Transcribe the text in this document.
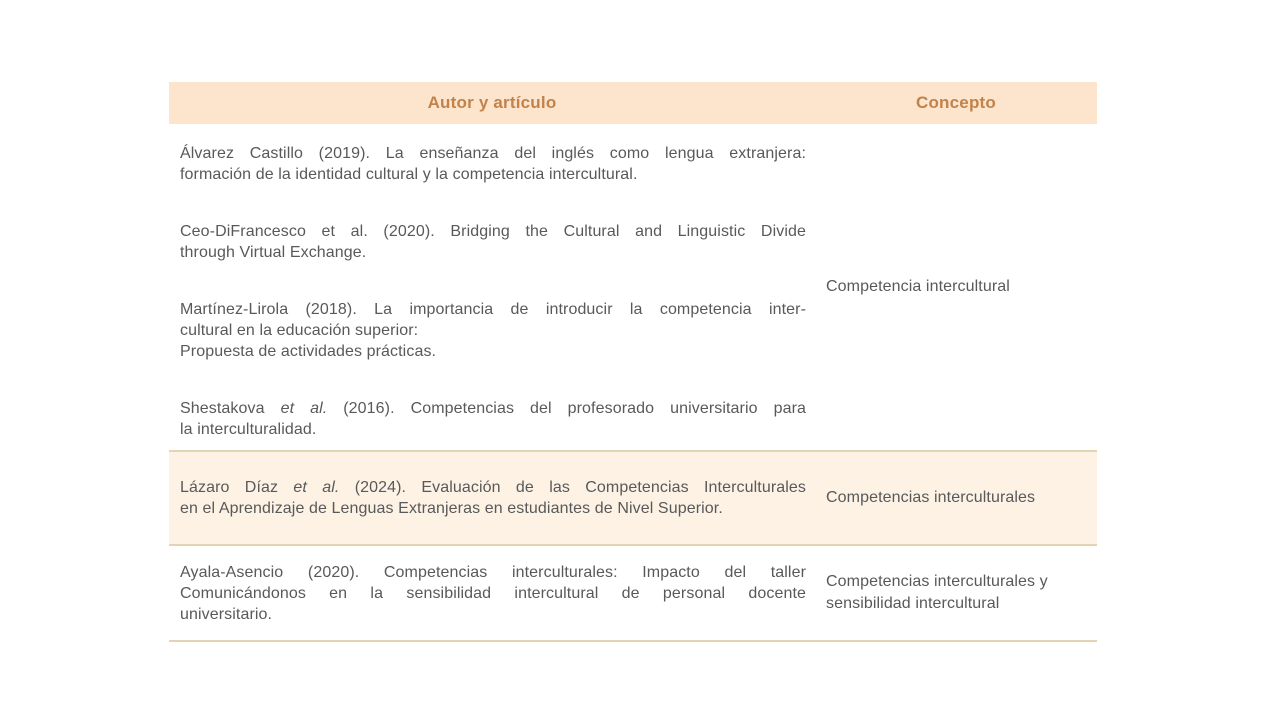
Autor y artículo	Concepto
Álvarez Castillo (2019). La enseñanza del inglés como lengua extranjera:
formación de la identidad cultural y la competencia intercultural.
Ceo-DiFrancesco et al. (2020). Bridging the Cultural and Linguistic Divide
through Virtual Exchange.
Martínez-Lirola (2018). La importancia de introducir la competencia inter-
cultural en la educación superior:
Propuesta de actividades prácticas.
Shestakova et al. (2016). Competencias del profesorado universitario para
la interculturalidad.
Competencia intercultural
Lázaro Díaz et al. (2024). Evaluación de las Competencias Interculturales
en el Aprendizaje de Lenguas Extranjeras en estudiantes de Nivel Superior.
Competencias interculturales
Ayala-Asencio (2020). Competencias interculturales: Impacto del taller
Comunicándonos en la sensibilidad intercultural de personal docente
universitario.
Competencias interculturales y sensibilidad intercultural
